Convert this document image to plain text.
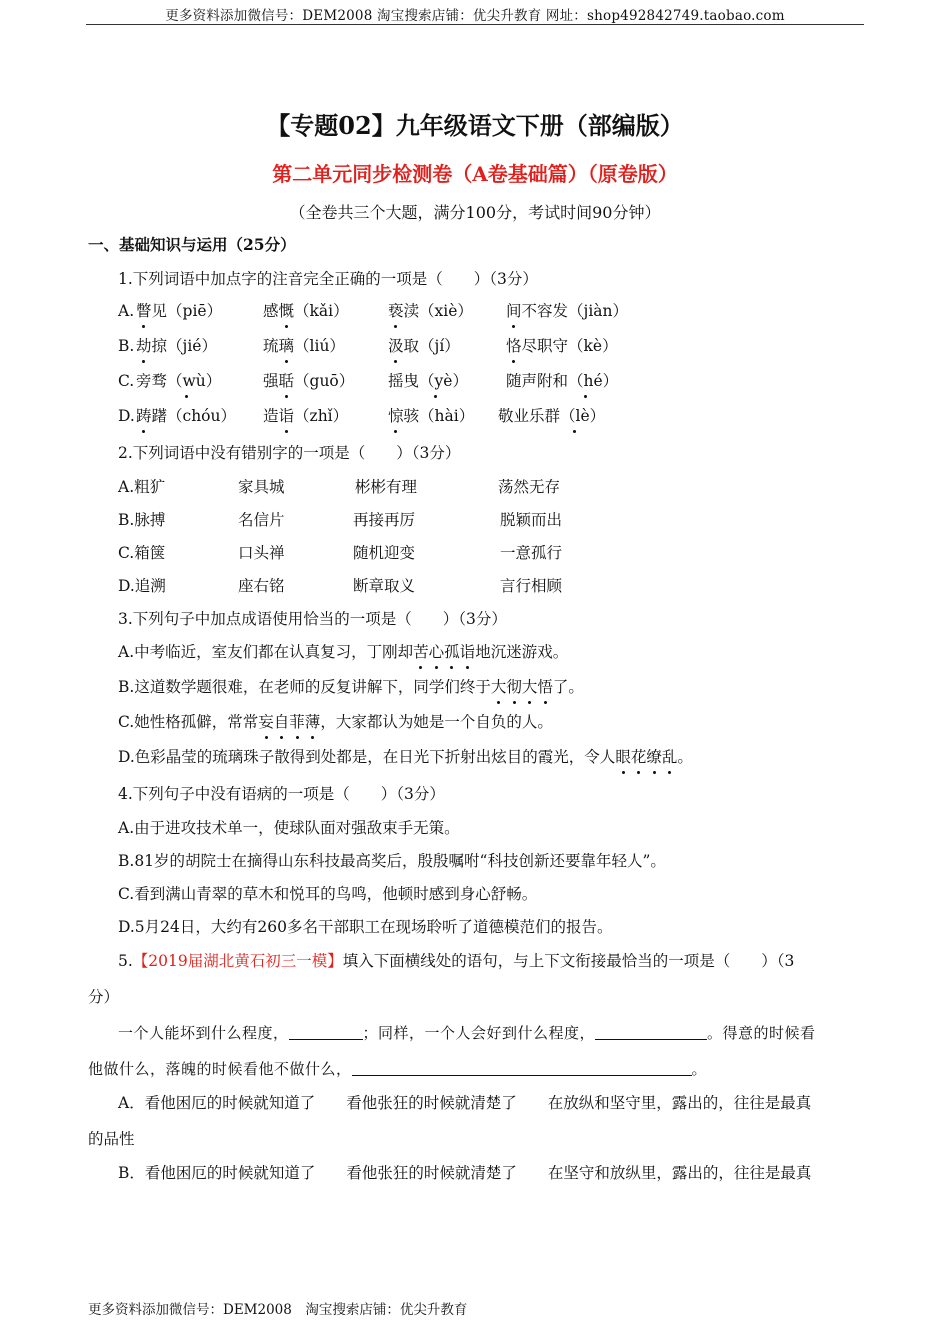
更多资料添加微信号：DEM2008 淘宝搜索店铺：优尖升教育 网址：shop492842749.taobao.com
【专题02】九年级语文下册（部编版）
第二单元同步检测卷（A卷基础篇）（原卷版）
（全卷共三个大题，满分100分，考试时间90分钟）
一、基础知识与运用（25分）
1.下列词语中加点字的注音完全正确的一项是（　　）（3分）
A. 瞥见（piē）	感慨（kǎi）	亵渎（xiè） 间不容发（jiàn）
B. 劫掠（jié）	琉璃（liú）	汲取（jí）	恪尽职守（kè）
C. 旁骛（wù）	强聒（guō） 摇曳（yè） 随声附和（hé）
D. 踌躇（chóu） 造诣（zhǐ）	惊骇（hài） 敬业乐群（lè）
2.下列词语中没有错别字的一项是（　　）（3分）
A.粗犷	家具城	彬彬有理	荡然无存
B.脉搏	名信片	再接再厉	脱颖而出
C.箱箧	口头禅	随机迎变	一意孤行
D.追溯	座右铭	断章取义	言行相顾
3.下列句子中加点成语使用恰当的一项是（　　）（3分）
A.中考临近，室友们都在认真复习，丁刚却苦心孤诣地沉迷游戏。
B.这道数学题很难，在老师的反复讲解下，同学们终于大彻大悟了。
C.她性格孤僻，常常妄自菲薄，大家都认为她是一个自负的人。
D.色彩晶莹的琉璃珠子散得到处都是，在日光下折射出炫目的霞光，令人眼花缭乱。
4.下列句子中没有语病的一项是（　　）（3分）
A.由于进攻技术单一，使球队面对强敌束手无策。
B.81岁的胡院士在摘得山东科技最高奖后，殷殷嘱咐“科技创新还要靠年轻人”。
C.看到满山青翠的草木和悦耳的鸟鸣，他顿时感到身心舒畅。
D.5月24日，大约有260多名干部职工在现场聆听了道德模范们的报告。
5.【2019届湖北黄石初三一模】填入下面横线处的语句，与上下文衔接最恰当的一项是（　　）（3
分）
一个人能坏到什么程度，	；同样，一个人会好到什么程度，	。得意的时候看
他做什么，落魄的时候看他不做什么，	。
A．看他困厄的时候就知道了　　看他张狂的时候就清楚了　　在放纵和坚守里，露出的，往往是最真
的品性
B．看他困厄的时候就知道了　　看他张狂的时候就清楚了　　在坚守和放纵里，露出的，往往是最真
更多资料添加微信号：DEM2008　淘宝搜索店铺：优尖升教育
